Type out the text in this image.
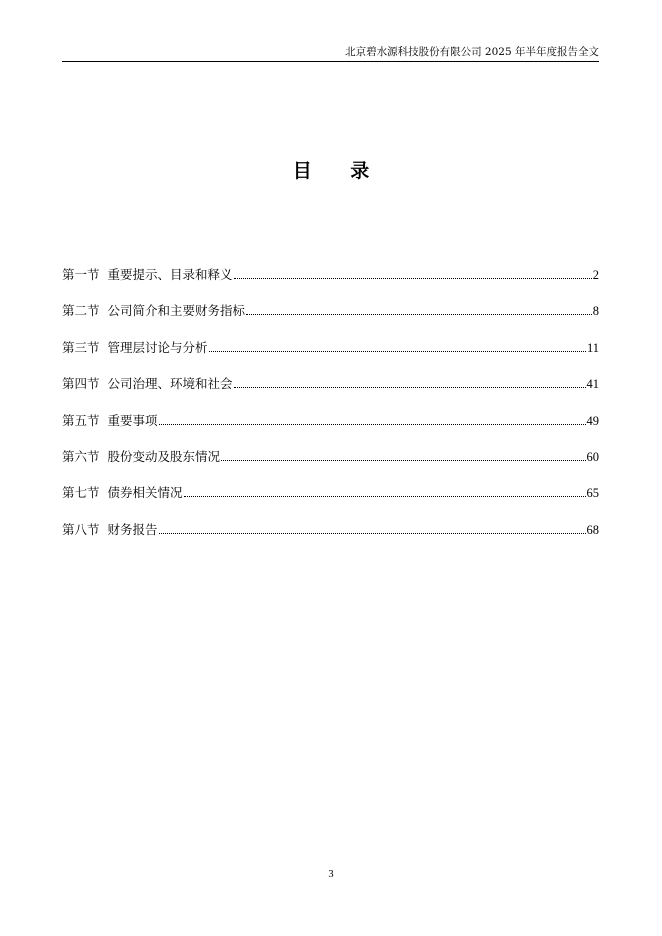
北京碧水源科技股份有限公司 2025 年半年度报告全文
目 录
第一节 重要提示、目录和释义	2
第二节 公司简介和主要财务指标	8
第三节 管理层讨论与分析	11
第四节 公司治理、环境和社会	41
第五节 重要事项	49
第六节 股份变动及股东情况	60
第七节 债券相关情况	65
第八节 财务报告	68
3
